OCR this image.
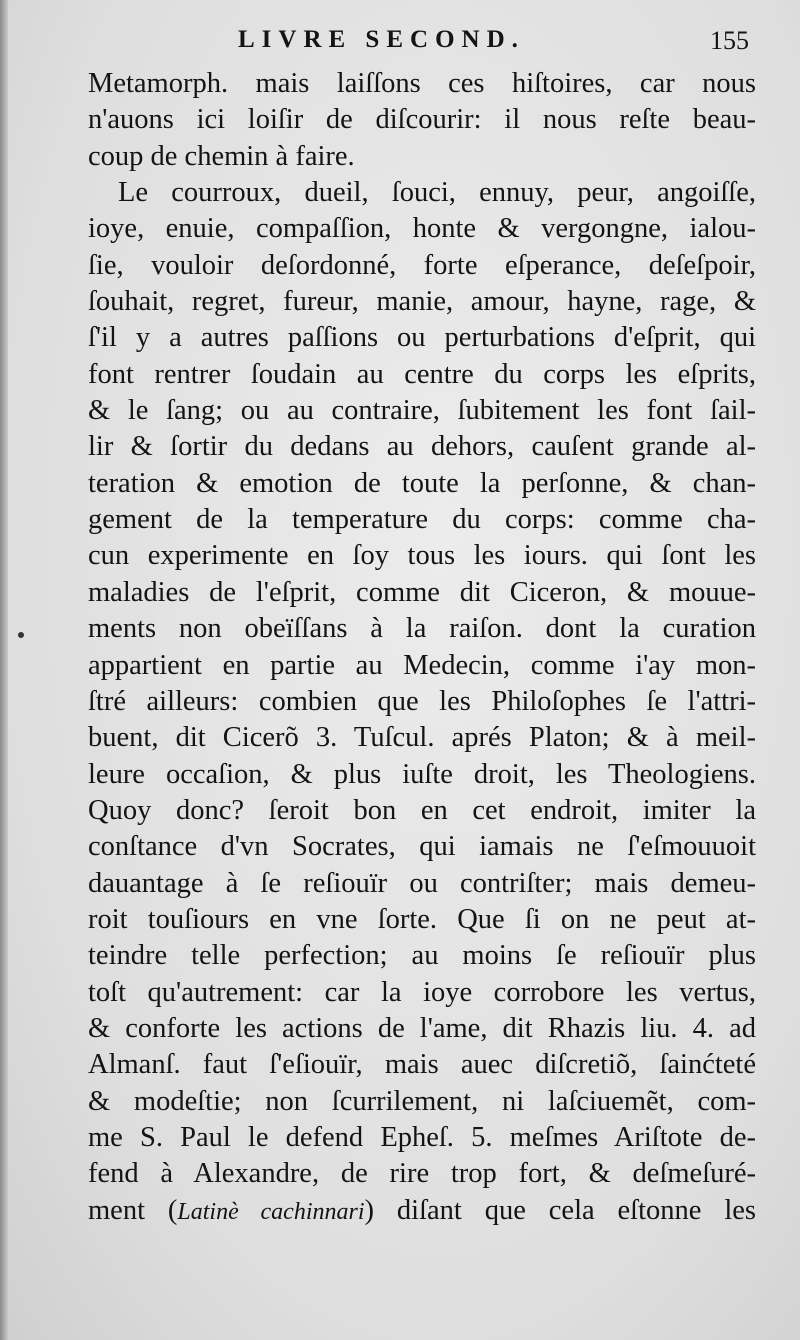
LIVRE SECOND.	155
Metamorph. mais laiſſons ces hiſtoires, car nous
n'auons ici loiſir de diſcourir: il nous reſte beau-
coup de chemin à faire.
Le courroux, dueil, ſouci, ennuy, peur, angoiſſe,
ioye, enuie, compaſſion, honte & vergongne, ialou-
ſie, vouloir deſordonné, forte eſperance, deſeſpoir,
ſouhait, regret, fureur, manie, amour, hayne, rage, &
ſ'il y a autres paſſions ou perturbations d'eſprit, qui
font rentrer ſoudain au centre du corps les eſprits,
& le ſang; ou au contraire, ſubitement les font ſail-
lir & ſortir du dedans au dehors, cauſent grande al-
teration & emotion de toute la perſonne, & chan-
gement de la temperature du corps: comme cha-
cun experimente en ſoy tous les iours. qui ſont les
maladies de l'eſprit, comme dit Ciceron, & mouue-
ments non obeïſſans à la raiſon. dont la curation
appartient en partie au Medecin, comme i'ay mon-
ſtré ailleurs: combien que les Philoſophes ſe l'attri-
buent, dit Cicerõ 3. Tuſcul. aprés Platon; & à meil-
leure occaſion, & plus iuſte droit, les Theologiens.
Quoy donc? ſeroit bon en cet endroit, imiter la
conſtance d'vn Socrates, qui iamais ne ſ'eſmouuoit
dauantage à ſe reſiouïr ou contriſter; mais demeu-
roit touſiours en vne ſorte. Que ſi on ne peut at-
teindre telle perfection; au moins ſe reſiouïr plus
toſt qu'autrement: car la ioye corrobore les vertus,
& conforte les actions de l'ame, dit Rhazis liu. 4. ad
Almanſ. faut ſ'eſiouïr, mais auec diſcretiõ, ſainćteté
& modeſtie; non ſcurrilement, ni laſciuemẽt, com-
me S. Paul le defend Epheſ. 5. meſmes Ariſtote de-
fend à Alexandre, de rire trop fort, & deſmeſuré-
ment (Latinè cachinnari) diſant que cela eſtonne les
